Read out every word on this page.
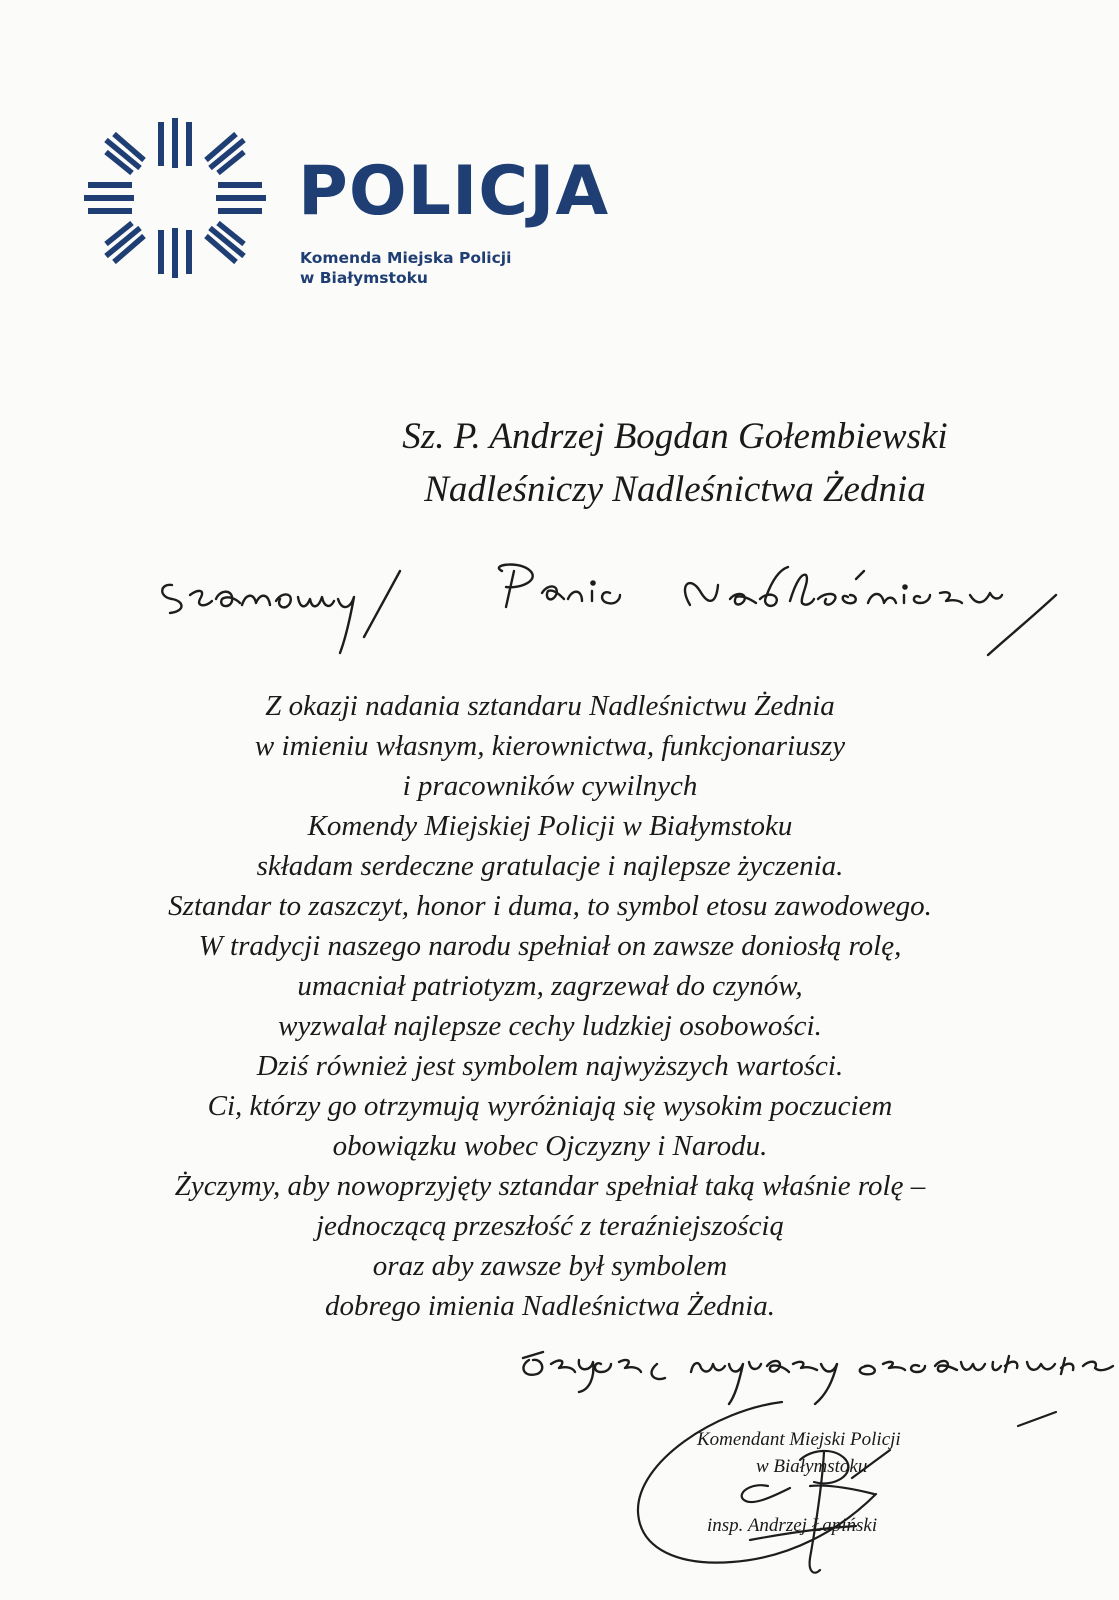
POLICJA
Komenda Miejska Policji
w Białymstoku
Sz. P. Andrzej Bogdan Gołembiewski
Nadleśniczy Nadleśnictwa Żednia
Z okazji nadania sztandaru Nadleśnictwu Żednia
w imieniu własnym, kierownictwa, funkcjonariuszy
i pracowników cywilnych
Komendy Miejskiej Policji w Białymstoku
składam serdeczne gratulacje i najlepsze życzenia.
Sztandar to zaszczyt, honor i duma, to symbol etosu zawodowego.
W tradycji naszego narodu spełniał on zawsze doniosłą rolę,
umacniał patriotyzm, zagrzewał do czynów,
wyzwalał najlepsze cechy ludzkiej osobowości.
Dziś również jest symbolem najwyższych wartości.
Ci, którzy go otrzymują wyróżniają się wysokim poczuciem
obowiązku wobec Ojczyzny i Narodu.
Życzymy, aby nowoprzyjęty sztandar spełniał taką właśnie rolę –
jednoczącą przeszłość z teraźniejszością
oraz aby zawsze był symbolem
dobrego imienia Nadleśnictwa Żednia.
Komendant Miejski Policji
w Białymstoku
insp. Andrzej Łapiński
